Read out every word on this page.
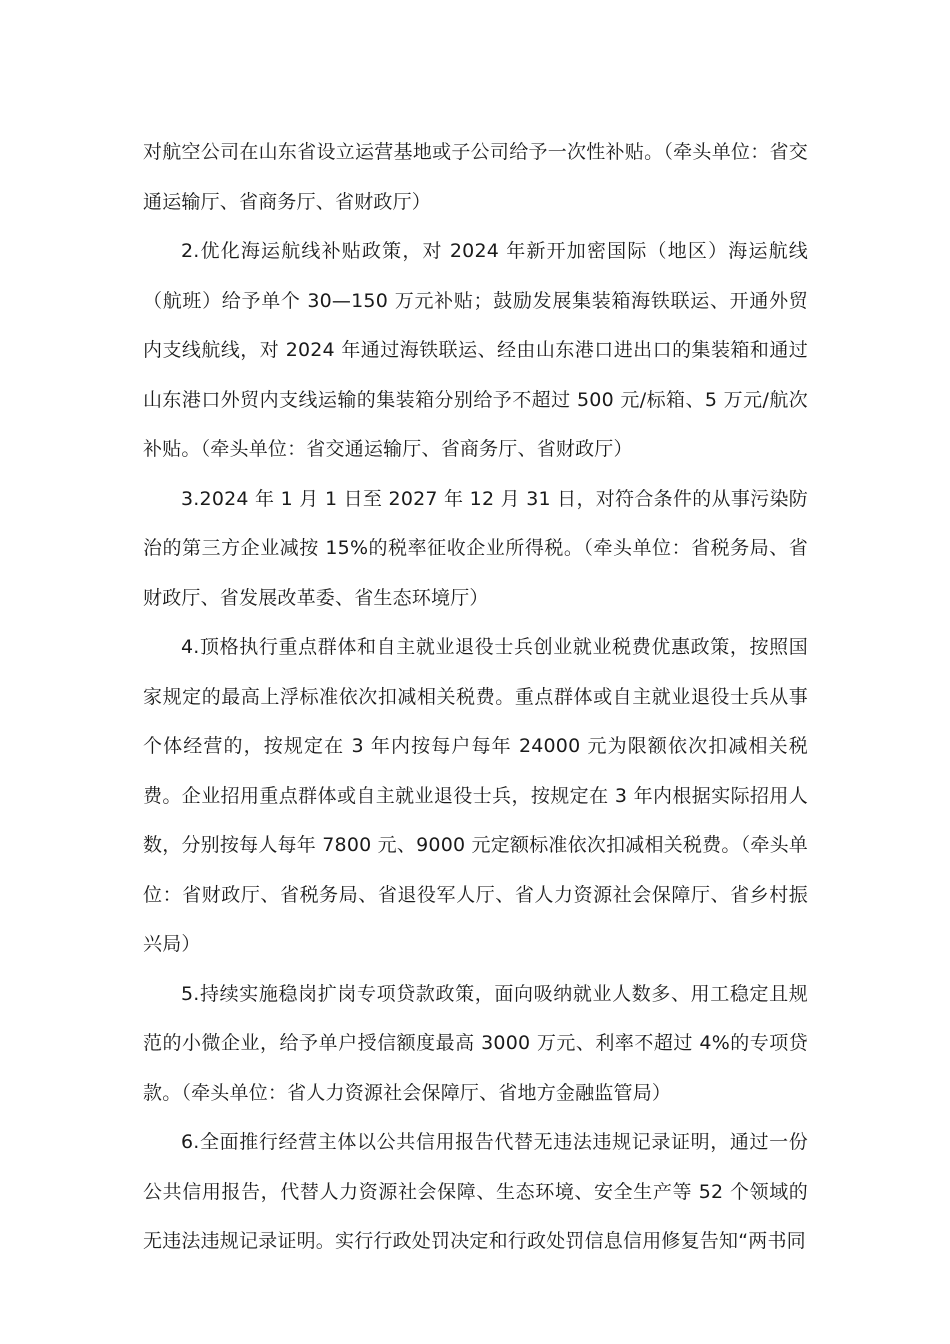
对航空公司在山东省设立运营基地或子公司给予一次性补贴。（牵头单位：省交通运输厅、省商务厅、省财政厅）

2.优化海运航线补贴政策，对 2024 年新开加密国际（地区）海运航线（航班）给予单个 30—150 万元补贴；鼓励发展集装箱海铁联运、开通外贸内支线航线，对 2024 年通过海铁联运、经由山东港口进出口的集装箱和通过山东港口外贸内支线运输的集装箱分别给予不超过 500 元/标箱、5 万元/航次补贴。（牵头单位：省交通运输厅、省商务厅、省财政厅）

3.2024 年 1 月 1 日至 2027 年 12 月 31 日，对符合条件的从事污染防治的第三方企业减按 15%的税率征收企业所得税。（牵头单位：省税务局、省财政厅、省发展改革委、省生态环境厅）

4.顶格执行重点群体和自主就业退役士兵创业就业税费优惠政策，按照国家规定的最高上浮标准依次扣减相关税费。重点群体或自主就业退役士兵从事个体经营的，按规定在 3 年内按每户每年 24000 元为限额依次扣减相关税费。企业招用重点群体或自主就业退役士兵，按规定在 3 年内根据实际招用人数，分别按每人每年 7800 元、9000 元定额标准依次扣减相关税费。（牵头单位：省财政厅、省税务局、省退役军人厅、省人力资源社会保障厅、省乡村振兴局）

5.持续实施稳岗扩岗专项贷款政策，面向吸纳就业人数多、用工稳定且规范的小微企业，给予单户授信额度最高 3000 万元、利率不超过 4%的专项贷款。（牵头单位：省人力资源社会保障厅、省地方金融监管局）

6.全面推行经营主体以公共信用报告代替无违法违规记录证明，通过一份公共信用报告，代替人力资源社会保障、生态环境、安全生产等 52 个领域的无违法违规记录证明。实行行政处罚决定和行政处罚信息信用修复告知“两书同
